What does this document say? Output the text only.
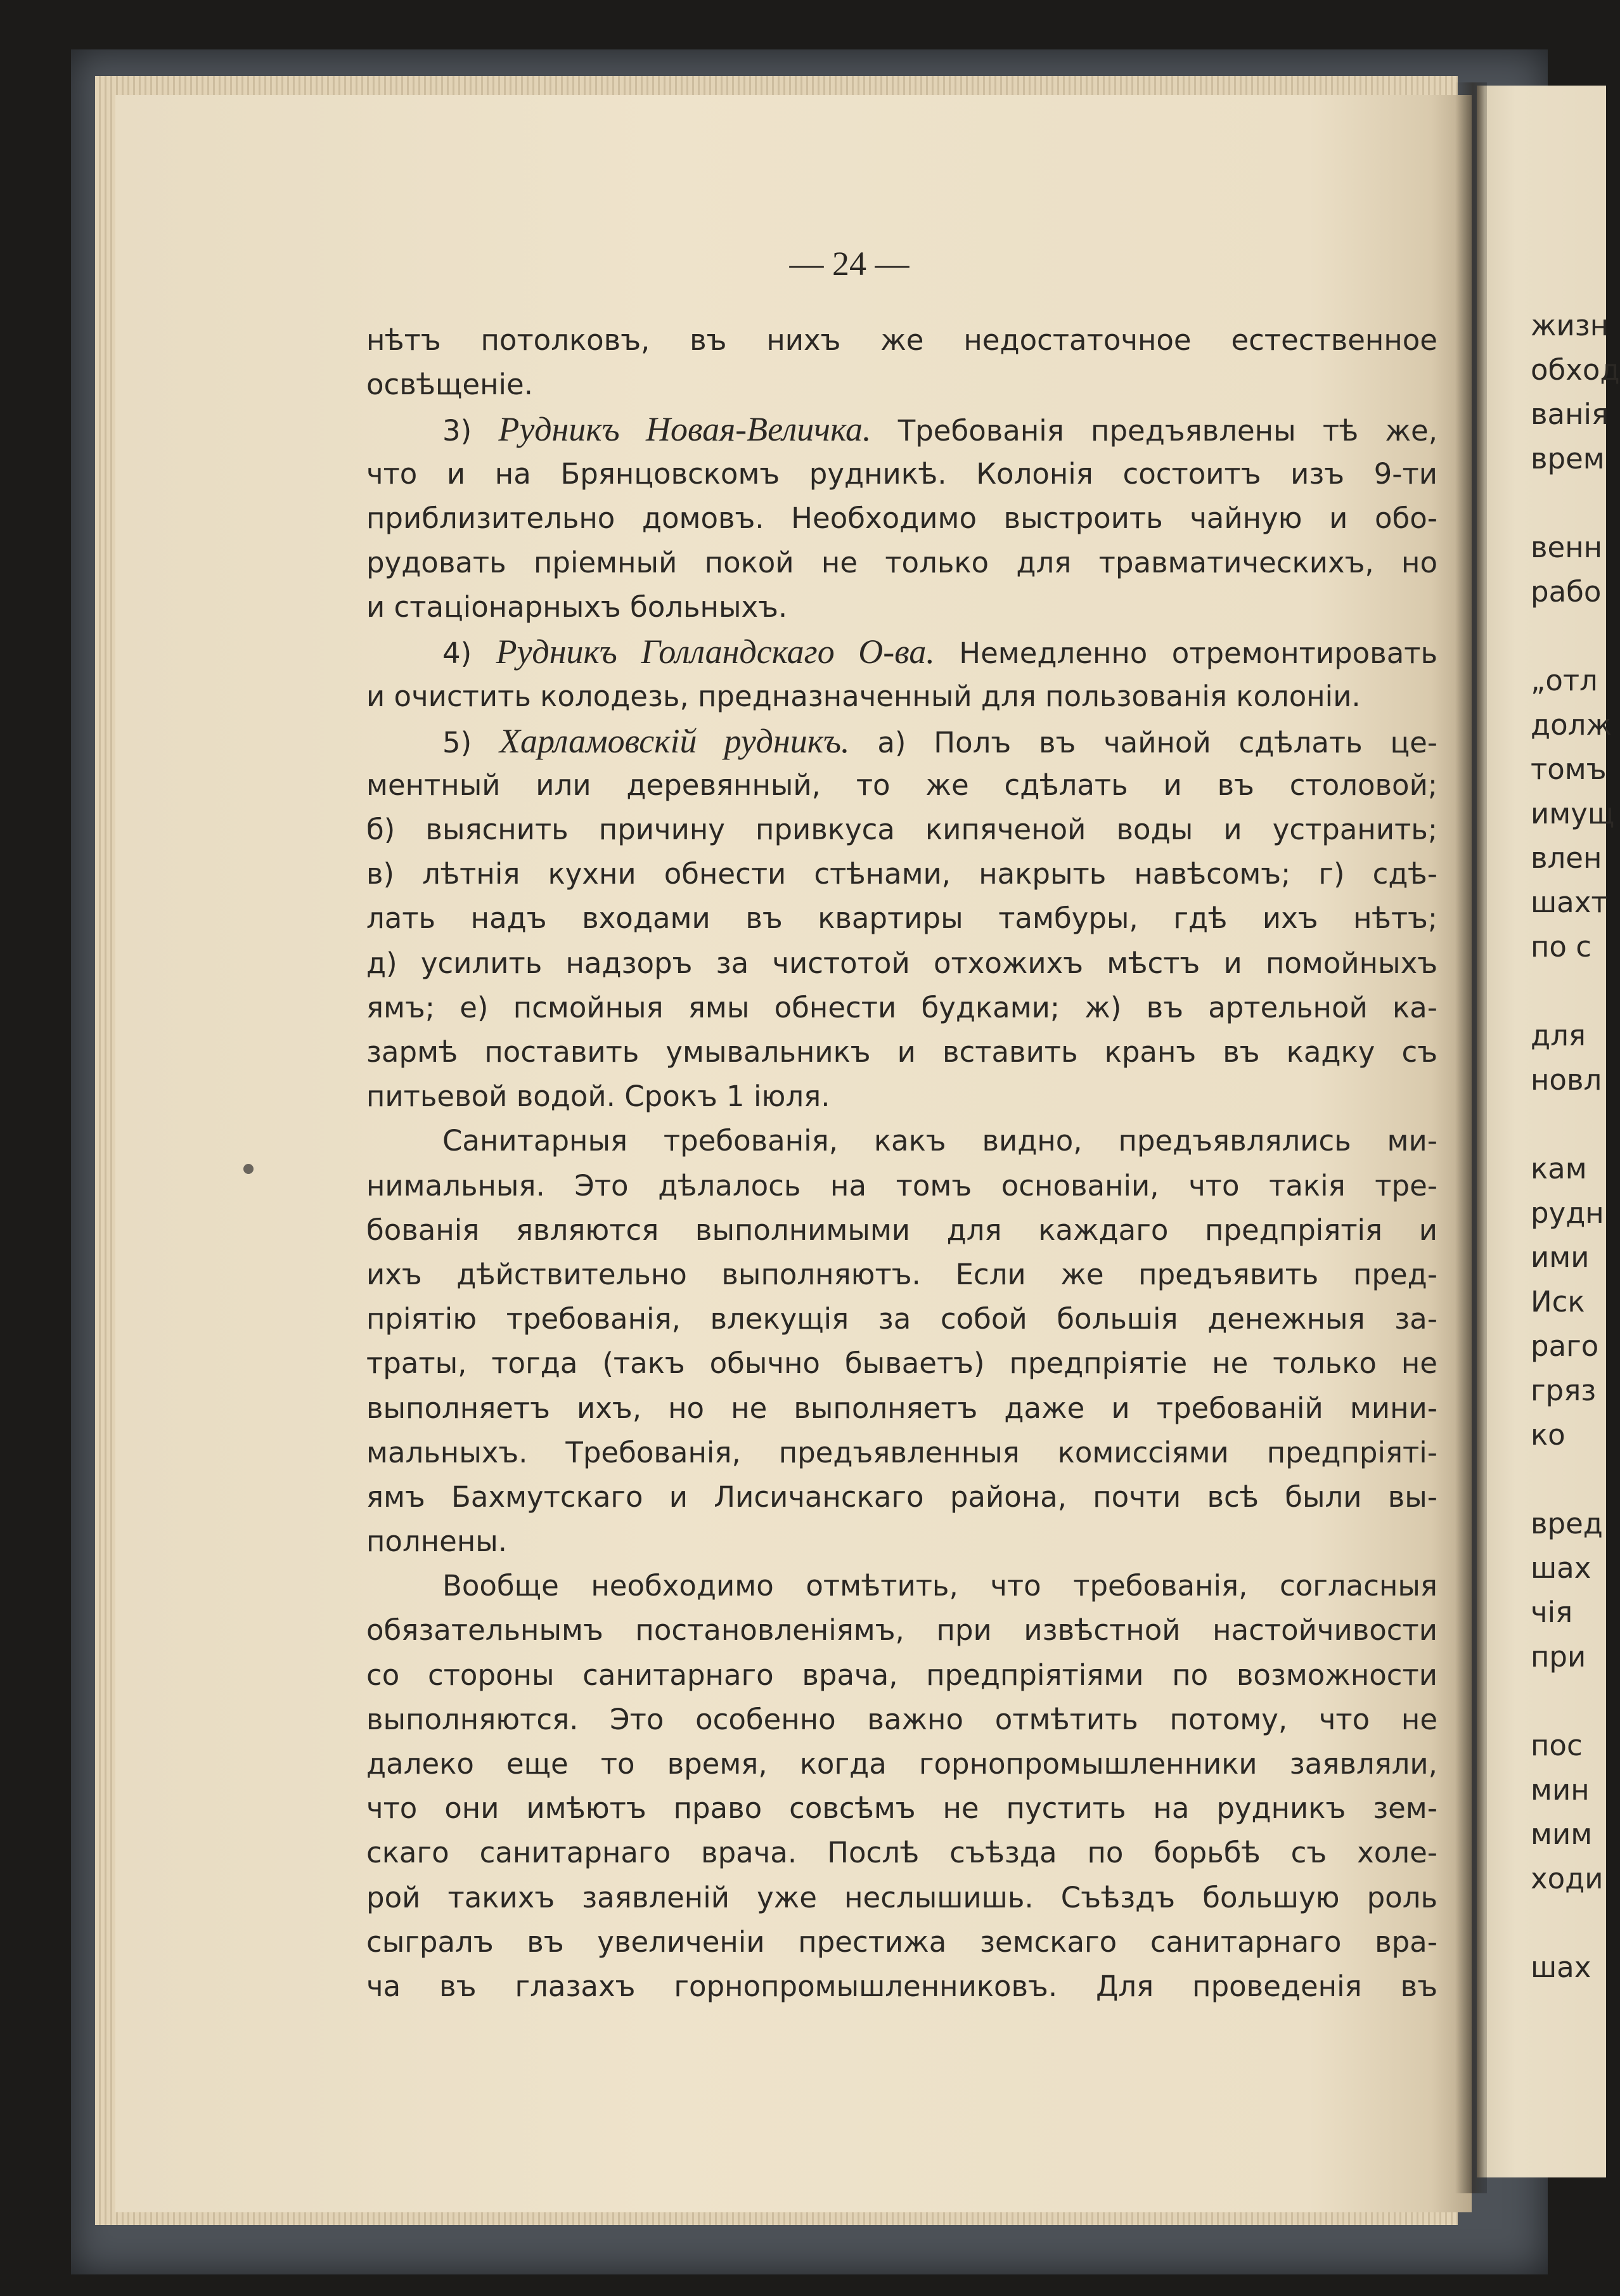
жизн
обход
ванія
врем
венн
рабо
„отл
долж
томъ
имущ
влен
шахт
по с
для
новл
кам
рудн
ими
Иск
раго
гряз
ко
вред
шах
чія
при
пос
мин
мим
ходи
шах
— 24 —
нѣтъ потолковъ, въ нихъ же недостаточное естественное
освѣщеніе.
3) Рудникъ Новая-Величка. Требованія предъявлены тѣ же,
что и на Брянцовскомъ рудникѣ. Колонія состоитъ изъ 9-ти
приблизительно домовъ. Необходимо выстроить чайную и обо-
рудовать пріемный покой не только для травматическихъ, но
и стаціонарныхъ больныхъ.
4) Рудникъ Голландскаго О-ва. Немедленно отремонтировать
и очистить колодезь, предназначенный для пользованія колоніи.
5) Харламовскій рудникъ. а) Полъ въ чайной сдѣлать це-
ментный или деревянный, то же сдѣлать и въ столовой;
б) выяснить причину привкуса кипяченой воды и устранить;
в) лѣтнія кухни обнести стѣнами, накрыть навѣсомъ; г) сдѣ-
лать надъ входами въ квартиры тамбуры, гдѣ ихъ нѣтъ;
д) усилить надзоръ за чистотой отхожихъ мѣстъ и помойныхъ
ямъ; е) псмойныя ямы обнести будками; ж) въ артельной ка-
зармѣ поставить умывальникъ и вставить кранъ въ кадку съ
питьевой водой. Срокъ 1 іюля.
Санитарныя требованія, какъ видно, предъявлялись ми-
нимальныя. Это дѣлалось на томъ основаніи, что такія тре-
бованія являются выполнимыми для каждаго предпріятія и
ихъ дѣйствительно выполняютъ. Если же предъявить пред-
пріятію требованія, влекущія за собой большія денежныя за-
траты, тогда (такъ обычно бываетъ) предпріятіе не только не
выполняетъ ихъ, но не выполняетъ даже и требованій мини-
мальныхъ. Требованія, предъявленныя комиссіями предпріяті-
ямъ Бахмутскаго и Лисичанскаго района, почти всѣ были вы-
полнены.
Вообще необходимо отмѣтить, что требованія, согласныя
обязательнымъ постановленіямъ, при извѣстной настойчивости
со стороны санитарнаго врача, предпріятіями по возможности
выполняются. Это особенно важно отмѣтить потому, что не
далеко еще то время, когда горнопромышленники заявляли,
что они имѣютъ право совсѣмъ не пустить на рудникъ зем-
скаго санитарнаго врача. Послѣ съѣзда по борьбѣ съ холе-
рой такихъ заявленій уже неслышишь. Съѣздъ большую роль
сыгралъ въ увеличеніи престижа земскаго санитарнаго вра-
ча въ глазахъ горнопромышленниковъ. Для проведенія въ
